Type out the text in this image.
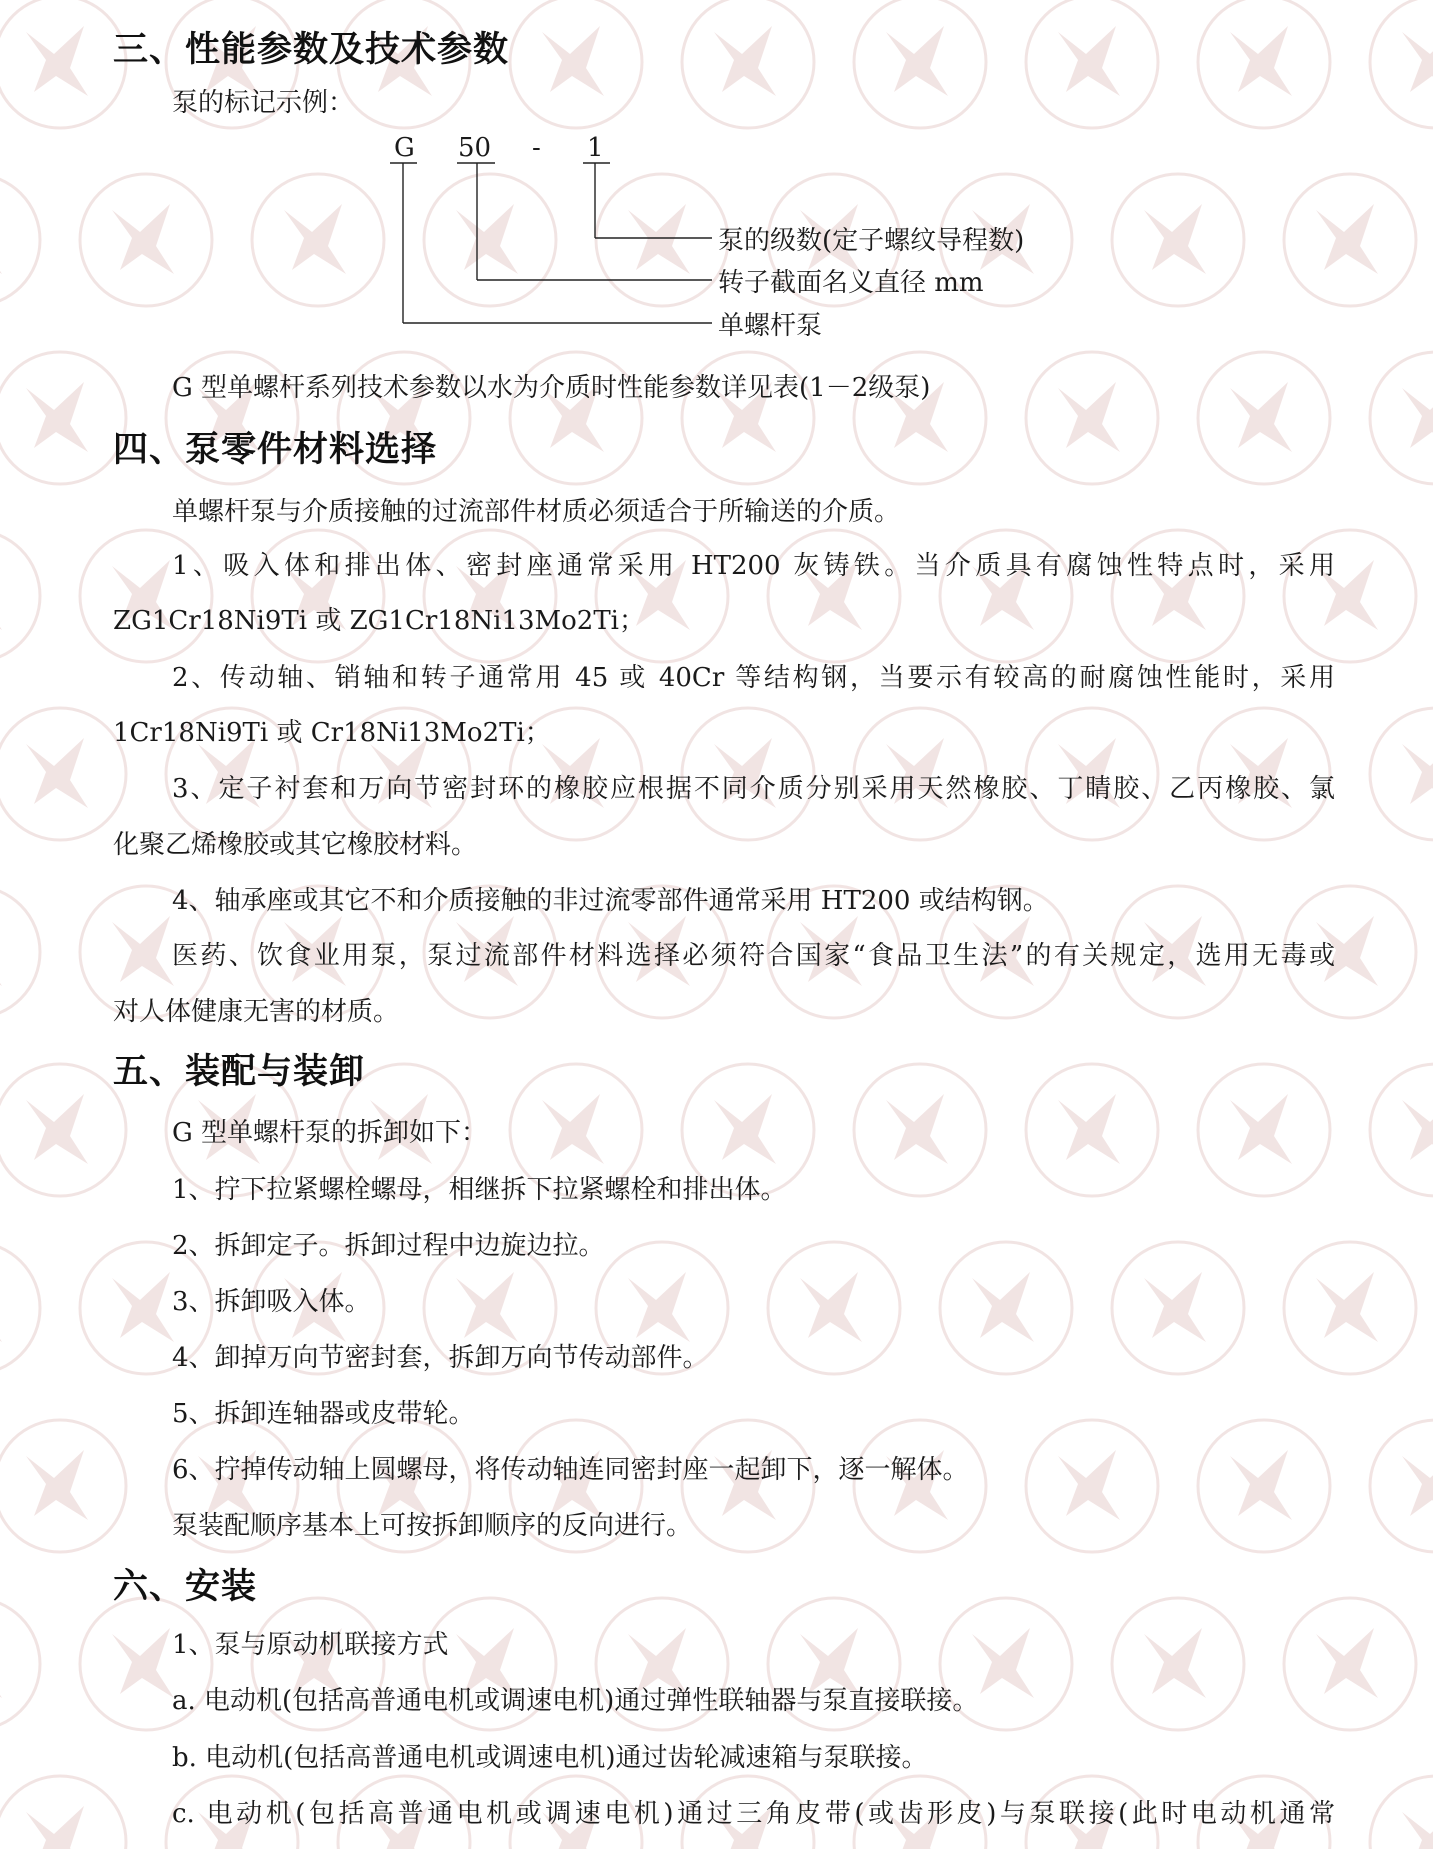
三、性能参数及技术参数

泵的标记示例：

G 50 - 1
泵的级数(定子螺纹导程数)
转子截面名义直径 mm
单螺杆泵

G 型单螺杆系列技术参数以水为介质时性能参数详见表(1－2级泵)

四、泵零件材料选择

单螺杆泵与介质接触的过流部件材质必须适合于所输送的介质。

1、吸入体和排出体、密封座通常采用 HT200 灰铸铁。当介质具有腐蚀性特点时，采用

ZG1Cr18Ni9Ti 或 ZG1Cr18Ni13Mo2Ti；

2、传动轴、销轴和转子通常用 45 或 40Cr 等结构钢，当要示有较高的耐腐蚀性能时，采用

1Cr18Ni9Ti 或 Cr18Ni13Mo2Ti；

3、定子衬套和万向节密封环的橡胶应根据不同介质分别采用天然橡胶、丁睛胶、乙丙橡胶、氯

化聚乙烯橡胶或其它橡胶材料。

4、轴承座或其它不和介质接触的非过流零部件通常采用 HT200 或结构钢。

医药、饮食业用泵，泵过流部件材料选择必须符合国家“食品卫生法”的有关规定，选用无毒或

对人体健康无害的材质。

五、装配与装卸

G 型单螺杆泵的拆卸如下：

1、拧下拉紧螺栓螺母，相继拆下拉紧螺栓和排出体。

2、拆卸定子。拆卸过程中边旋边拉。

3、拆卸吸入体。

4、卸掉万向节密封套，拆卸万向节传动部件。

5、拆卸连轴器或皮带轮。

6、拧掉传动轴上圆螺母，将传动轴连同密封座一起卸下，逐一解体。

泵装配顺序基本上可按拆卸顺序的反向进行。

六、安装

1、泵与原动机联接方式

a. 电动机(包括高普通电机或调速电机)通过弹性联轴器与泵直接联接。

b. 电动机(包括高普通电机或调速电机)通过齿轮减速箱与泵联接。

c. 电动机(包括高普通电机或调速电机)通过三角皮带(或齿形皮)与泵联接(此时电动机通常
